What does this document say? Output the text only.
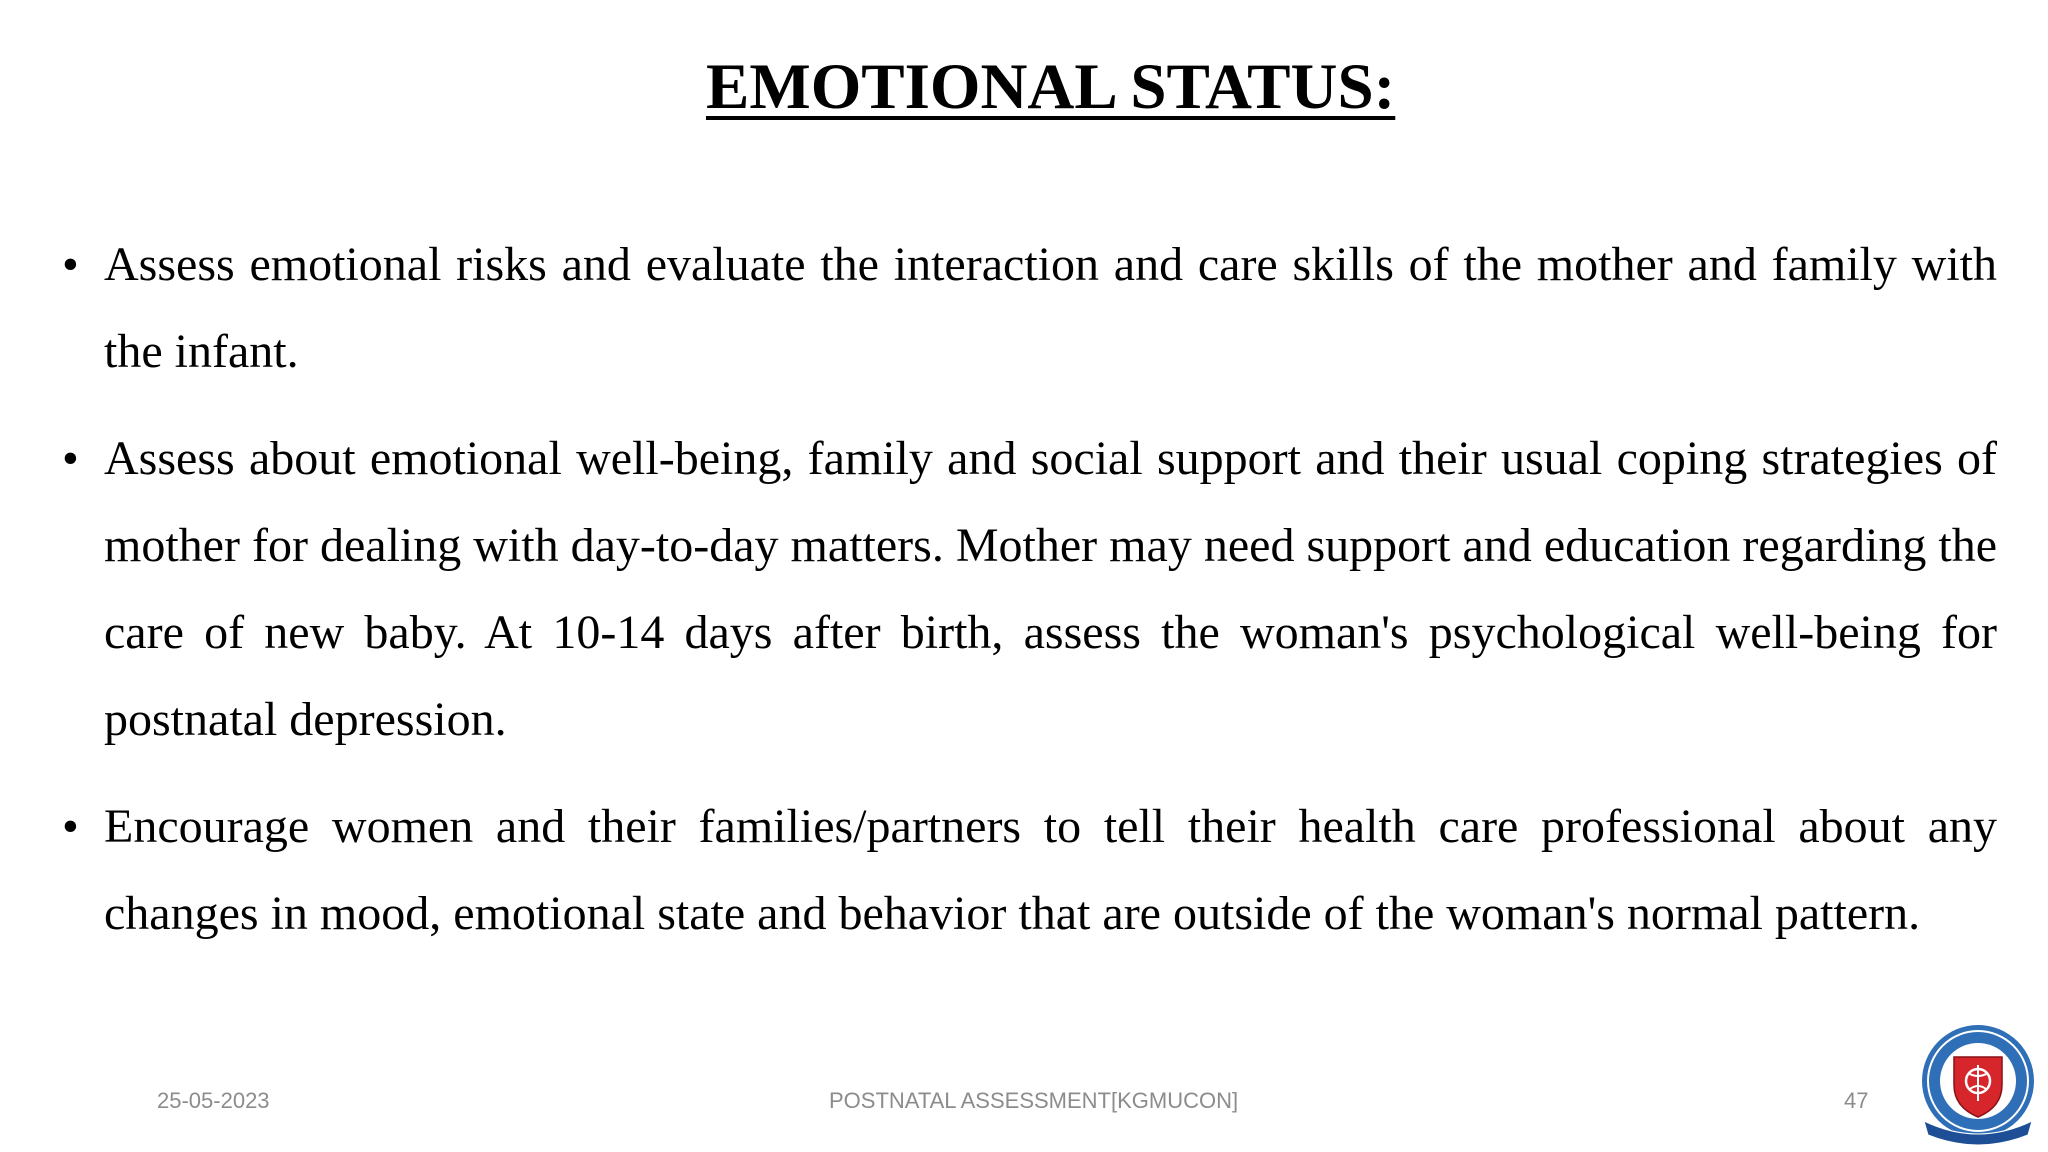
EMOTIONAL STATUS:
• Assess emotional risks and evaluate the interaction and care skills of the mother and family with the infant.
• Assess about emotional well-being, family and social support and their usual coping strategies of mother for dealing with day-to-day matters. Mother may need support and education regarding the care of new baby. At 10-14 days after birth, assess the woman's psychological well-being for postnatal depression.
• Encourage women and their families/partners to tell their health care professional about any changes in mood, emotional state and behavior that are outside of the woman's normal pattern.
25-05-2023	POSTNATAL ASSESSMENT[KGMUCON]	47
